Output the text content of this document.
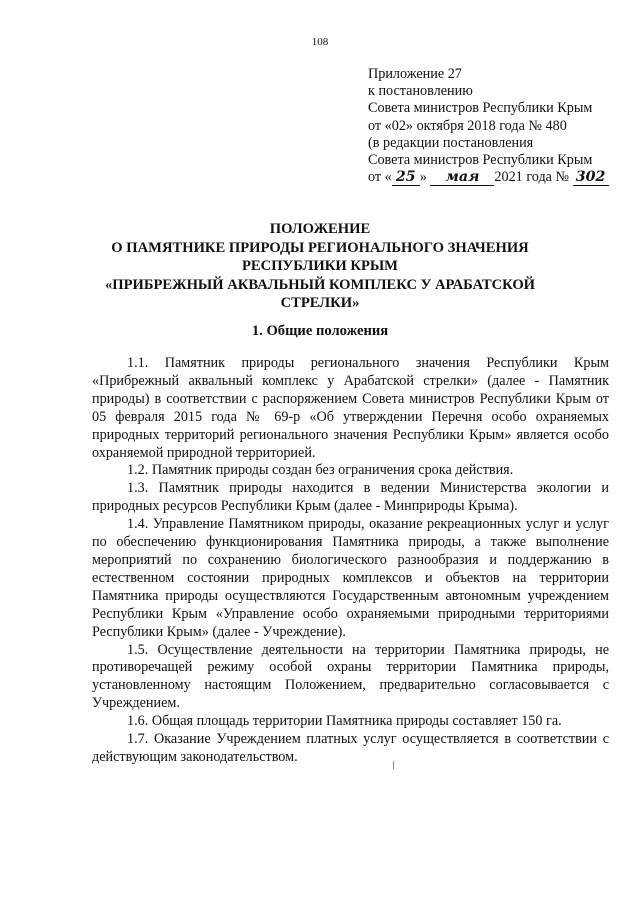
108
Приложение 27
к постановлению
Совета министров Республики Крым
от «02» октября 2018 года № 480
(в редакции постановления
Совета министров Республики Крым
от « 25 » мая 2021 года № 302
ПОЛОЖЕНИЕ
О ПАМЯТНИКЕ ПРИРОДЫ РЕГИОНАЛЬНОГО ЗНАЧЕНИЯ
РЕСПУБЛИКИ КРЫМ
«ПРИБРЕЖНЫЙ АКВАЛЬНЫЙ КОМПЛЕКС У АРАБАТСКОЙ
СТРЕЛКИ»
1. Общие положения

1.1. Памятник природы регионального значения Республики Крым «Прибрежный аквальный комплекс у Арабатской стрелки» (далее - Памятник природы) в соответствии с распоряжением Совета министров Республики Крым от 05 февраля 2015 года № 69-р «Об утверждении Перечня особо охраняемых природных территорий регионального значения Республики Крым» является особо охраняемой природной территорией.

1.2. Памятник природы создан без ограничения срока действия.

1.3. Памятник природы находится в ведении Министерства экологии и природных ресурсов Республики Крым (далее - Минприроды Крыма).

1.4. Управление Памятником природы, оказание рекреационных услуг и услуг по обеспечению функционирования Памятника природы, а также выполнение мероприятий по сохранению биологического разнообразия и поддержанию в естественном состоянии природных комплексов и объектов на территории Памятника природы осуществляются Государственным автономным учреждением Республики Крым «Управление особо охраняемыми природными территориями Республики Крым» (далее - Учреждение).

1.5. Осуществление деятельности на территории Памятника природы, не противоречащей режиму особой охраны территории Памятника природы, установленному настоящим Положением, предварительно согласовывается с Учреждением.

1.6. Общая площадь территории Памятника природы составляет 150 га.

1.7. Оказание Учреждением платных услуг осуществляется в соответствии с действующим законодательством.

/
